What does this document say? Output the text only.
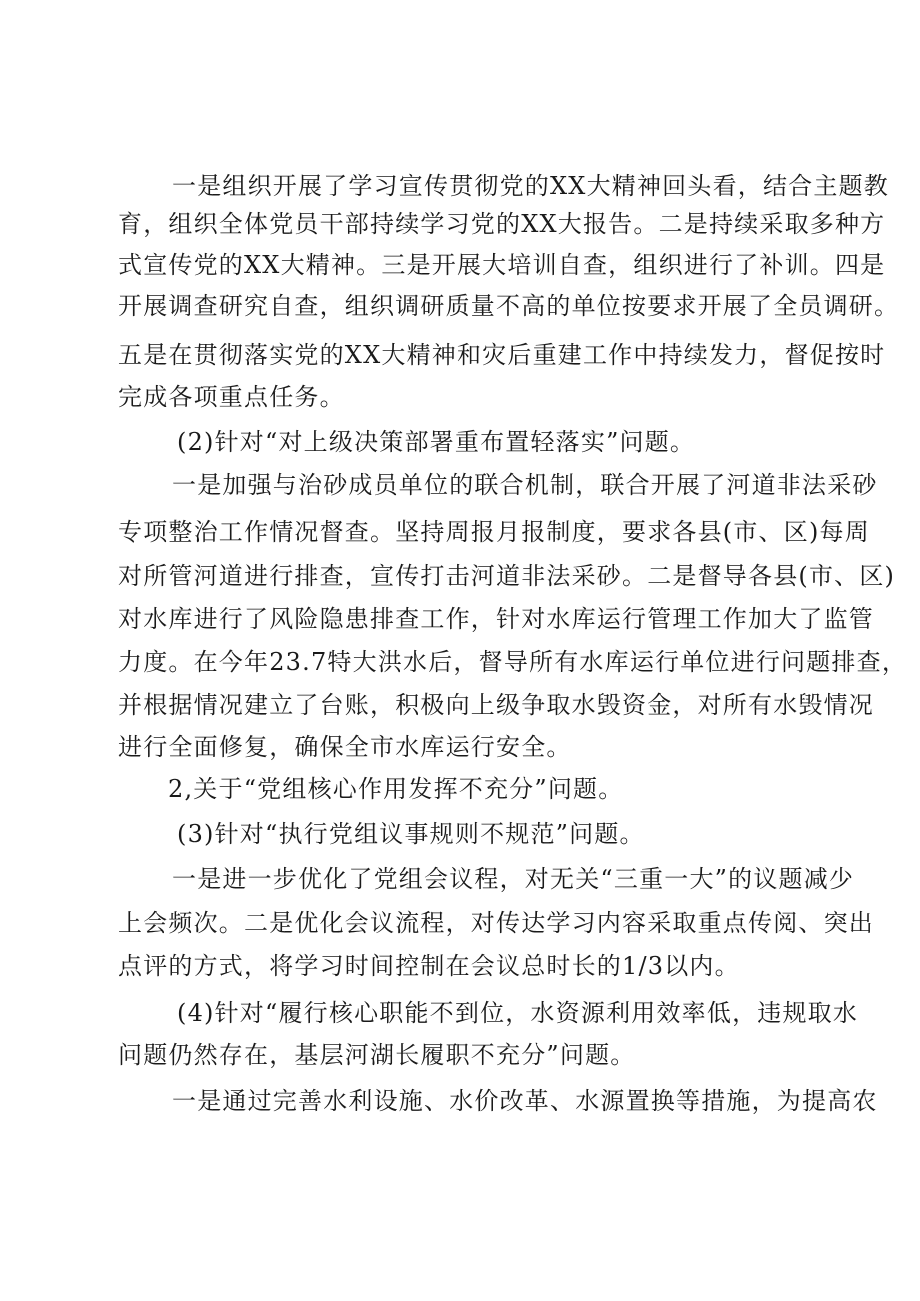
一是组织开展了学习宣传贯彻党的XX大精神回头看，结合主题教
育，组织全体党员干部持续学习党的XX大报告。二是持续采取多种方
式宣传党的XX大精神。三是开展大培训自查，组织进行了补训。四是
开展调查研究自查，组织调研质量不高的单位按要求开展了全员调研。
五是在贯彻落实党的XX大精神和灾后重建工作中持续发力，督促按时
完成各项重点任务。
(2)针对“对上级决策部署重布置轻落实”问题。
一是加强与治砂成员单位的联合机制，联合开展了河道非法采砂
专项整治工作情况督查。坚持周报月报制度，要求各县(市、区)每周
对所管河道进行排查，宣传打击河道非法采砂。二是督导各县(市、区)
对水库进行了风险隐患排查工作，针对水库运行管理工作加大了监管
力度。在今年23.7特大洪水后，督导所有水库运行单位进行问题排查，
并根据情况建立了台账，积极向上级争取水毁资金，对所有水毁情况
进行全面修复，确保全市水库运行安全。
2,关于“党组核心作用发挥不充分”问题。
(3)针对“执行党组议事规则不规范”问题。
一是进一步优化了党组会议程，对无关“三重一大”的议题减少
上会频次。二是优化会议流程，对传达学习内容采取重点传阅、突出
点评的方式，将学习时间控制在会议总时长的1/3以内。
(4)针对“履行核心职能不到位，水资源利用效率低，违规取水
问题仍然存在，基层河湖长履职不充分”问题。
一是通过完善水利设施、水价改革、水源置换等措施，为提高农
